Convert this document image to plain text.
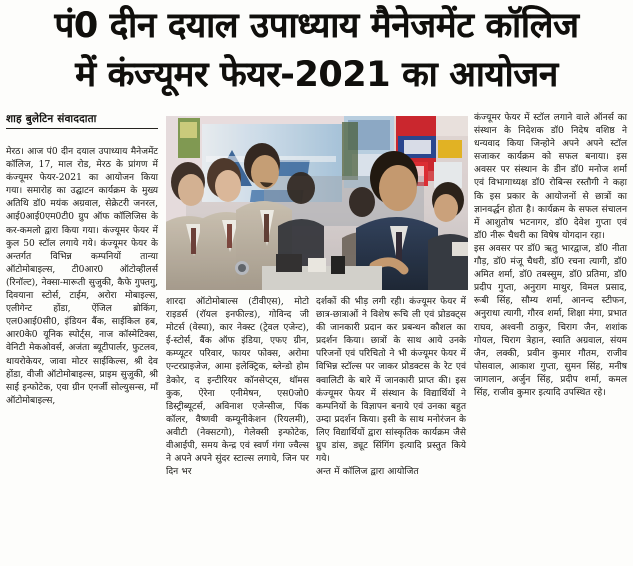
पं0 दीन दयाल उपाध्याय मैनेजमेंट कॉलिज
में कंज्यूमर फेयर-2021 का आयोजन
शाह बुलेटिन संवाददाता

मेरठ। आज पं0 दीन दयाल उपाध्याय मैनेजमेंट कॉलिज, 17, माल रोड, मेरठ के प्रांगण में कंज्यूमर फेयर-2021 का आयोजन किया गया। समारोह का उद्घाटन कार्यक्रम के मुख्य अतिथि डॉ0 मयंक अग्रवाल, सेक्रेटरी जनरल, आई0आई0एम0टी0 ग्रुप ऑफ कॉलिजिस के कर-कमलो द्वारा किया गया। कंज्यूमर फेयर में कुल 50 स्टॉल लगाये गये। कंज्यूमर फेयर के अन्तर्गत विभिन्न कम्पनियों तान्या ऑटोमोबाइल्स, टी0आर0 ऑटोव्हीलर्स (रिनॉल्ट), नेक्सा-मारूती सुजुकी, कैफे गुफ्तगु, दिवयाना स्टोर्स, टाईम, अरोरा मोबाइल्स, एलीगेन्ट होंडा, ऐंजिल ब्रोकिंग, एल0आई0सी0, इंडियन बैंक, साईकिल हब, आर0के0 यूनिक स्पोर्ट्स, नाज कॉस्मेटिक्स, वेनिटी मेकओवर्स, अजंता ब्यूटीपार्लर, फुटलव, थायरोकेयर, जावा मोटर साईकिल्स, श्री देव होंडा, वीजी ऑटोमोबाइल्स, प्राइम सुजुकी, श्री साई इन्फोटेक, एवा ग्रीन एनर्जी सोल्युसन्स, माँ ऑटोमोबाइल्स,

शारदा ऑटोमोबाल्स (टीवीएस), मोटो राइडर्स (रॉयल इनफील्ड), गोविन्द जी मोटर्स (वेस्पा), कार नेक्स्ट (ट्रेवल एजेन्ट), ई-स्टोर्स, बैंक ऑफ इंडिया, एफए ग्रीन, कम्प्यूटर परिवार, फायर फोक्स, अरोमा एन्टरप्राइजेज, आमा इलेक्ट्रिक, ब्लेन्डो होम डेकोर, द इन्टीरियर कॉनसेप्ट्स, थॉमस कुक, ऐरेना एनीमेषन, एस0जो0 डिस्ट्रीब्यूटर्स, अविनाश एजेन्सीज, पिंक कॉलर, वैष्णवी कम्यूनीकेशन (रियलमी), अवीटी (नेक्सटगो), गेलेक्सी इन्फोटेक, वीआईपी, समय केन्द्र एवं स्वर्ण गंगा ज्वैल्स ने अपने अपने सुंदर स्टाल्स लगाये, जिन पर दिन भर

दर्शकों की भीड़ लगी रही। कंज्यूमर फेयर में छात्र-छात्राओं ने विशेष रूचि ली एवं प्रोडक्ट्स की जानकारी प्रदान कर प्रबन्धन कौशल का प्रदर्शन किया। छात्रों के साथ आये उनके परिजनों एवं परिचितो ने भी कंज्यूमर फेयर में विभिन्न स्टॉल्स पर जाकर प्रोडक्टस के रेट एवं क्वालिटी के बारे में जानकारी प्राप्त की। इस कंज्यूमर फेयर में संस्थान के विद्यार्थियों ने कम्पनियों के विज्ञापन बनाये एवं उनका बहुत उम्दा प्रदर्शन किया। इसी के साथ मनोरंजन के लिए विद्यार्थियों द्वारा सांस्कृतिक कार्यक्रम जैसे ग्रुप डांस, ड्यूट सिंगिंग इत्यादि प्रस्तुत किये गये।

अन्त में कॉलिज द्वारा आयोजित

कंज्यूमर फेयर में स्टॉल लगाने वाले ऑनर्स का संस्थान के निदेशक डॉ0 निदेष वशिष्ठ ने धन्यवाद किया जिन्होने अपने अपने स्टॉल सजाकर कार्यक्रम को सफल बनाया। इस अवसर पर संस्थान के डीन डॉ0 मनोज शर्मा एवं विभागाध्यक्ष डॉ0 रोबिन्स रस्तौगी ने कहा कि इस प्रकार के आयोजनों से छात्रों का ज्ञानवर्द्धन होता है। कार्यक्रम के सफल संचालन में आशुतोष भटनागर, डॉ0 देवेश गुप्ता एवं डॉ0 नीरू चैधरी का विषेष योगदान रहा।

इस अवसर पर डॉ0 ऋतु भारद्वाज, डॉ0 नीता गौड़, डॉ0 मंजू चैधरी, डॉ0 रचना त्यागी, डॉ0 अमित शर्मा, डॉ0 तबस्सुम, डॉ0 प्रतिमा, डॉ0 प्रदीप गुप्ता, अनुराग माथुर, विमल प्रसाद, रूबी सिंह, सौम्य शर्मा, आनन्द स्टीफन, अनुराधा त्यागी, गौरव शर्मा, शिक्षा मंगा, प्रभात राघव, अश्वनी ठाकुर, चिराग जैन, शशांक गोयल, चिराग त्रेहान, स्वाति अग्रवाल, संयम जैन, लक्की, प्रवीन कुमार गौतम, राजीव पोसवाल, आकाश गुप्ता, सुमन सिंह, मनीष जागलान, अर्जुन सिंह, प्रदीप शर्मा, कमल सिंह, राजीव कुमार इत्यादि उपस्थित रहे।
